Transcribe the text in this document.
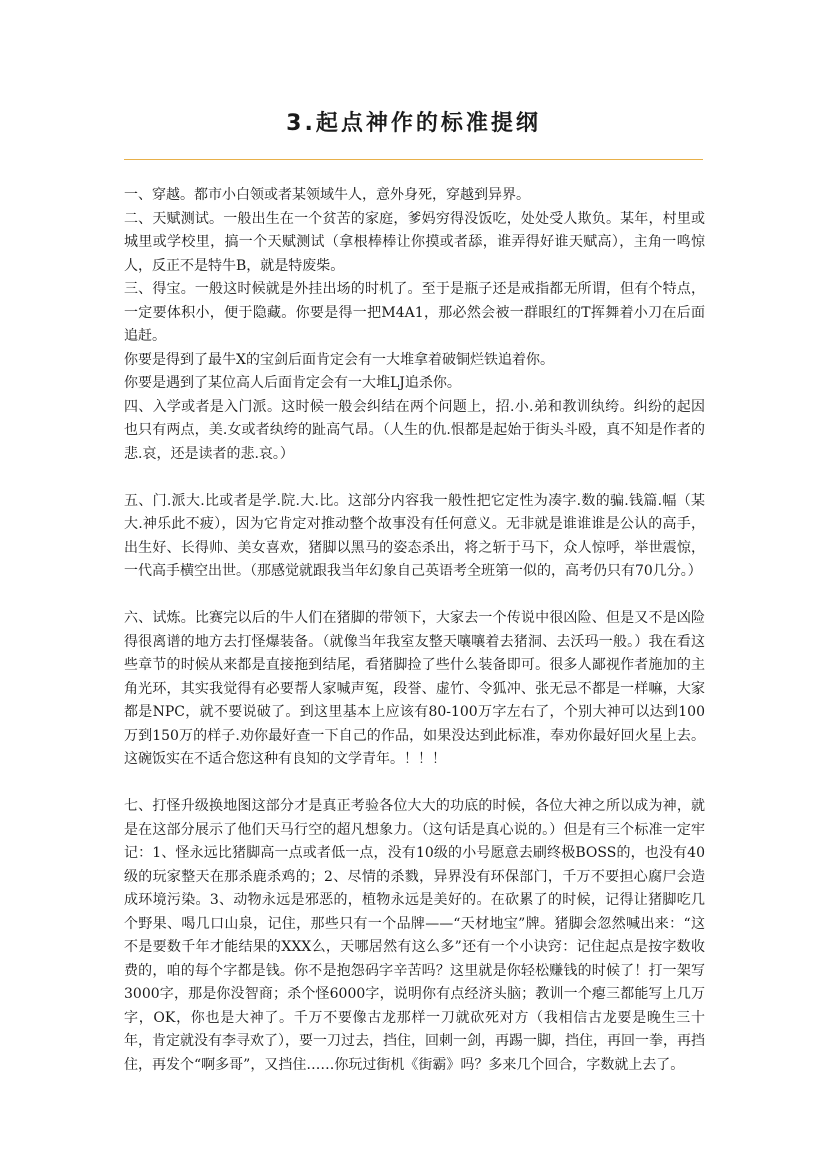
3.起点神作的标准提纲

一、穿越。都市小白领或者某领域牛人，意外身死，穿越到异界。

二、天赋测试。一般出生在一个贫苦的家庭，爹妈穷得没饭吃，处处受人欺负。某年，村里或城里或学校里，搞一个天赋测试（拿根棒棒让你摸或者舔，谁弄得好谁天赋高），主角一鸣惊人，反正不是特牛B，就是特废柴。

三、得宝。一般这时候就是外挂出场的时机了。至于是瓶子还是戒指都无所谓，但有个特点，一定要体积小，便于隐藏。你要是得一把M4A1，那必然会被一群眼红的T挥舞着小刀在后面追赶。

你要是得到了最牛X的宝剑后面肯定会有一大堆拿着破铜烂铁追着你。

你要是遇到了某位高人后面肯定会有一大堆LJ追杀你。

四、入学或者是入门派。这时候一般会纠结在两个问题上，招.小.弟和教训纨绔。纠纷的起因也只有两点，美.女或者纨绔的趾高气昂。（人生的仇.恨都是起始于街头斗殴，真不知是作者的悲.哀，还是读者的悲.哀。）

五、门.派大.比或者是学.院.大.比。这部分内容我一般性把它定性为凑字.数的骗.钱篇.幅（某大.神乐此不疲），因为它肯定对推动整个故事没有任何意义。无非就是谁谁谁是公认的高手，出生好、长得帅、美女喜欢，猪脚以黑马的姿态杀出，将之斩于马下，众人惊呼，举世震惊，一代高手横空出世。（那感觉就跟我当年幻象自己英语考全班第一似的，高考仍只有70几分。）

六、试炼。比赛完以后的牛人们在猪脚的带领下，大家去一个传说中很凶险、但是又不是凶险得很离谱的地方去打怪爆装备。（就像当年我室友整天嚷嚷着去猪洞、去沃玛一般。）我在看这些章节的时候从来都是直接拖到结尾，看猪脚捡了些什么装备即可。很多人鄙视作者施加的主角光环，其实我觉得有必要帮人家喊声冤，段誉、虚竹、令狐冲、张无忌不都是一样嘛，大家都是NPC，就不要说破了。到这里基本上应该有80-100万字左右了，个别大神可以达到100万到150万的样子.劝你最好查一下自己的作品，如果没达到此标准，奉劝你最好回火星上去。这碗饭实在不适合您这种有良知的文学青年。！！！

七、打怪升级换地图这部分才是真正考验各位大大的功底的时候，各位大神之所以成为神，就是在这部分展示了他们天马行空的超凡想象力。（这句话是真心说的。）但是有三个标准一定牢记：1、怪永远比猪脚高一点或者低一点，没有10级的小号愿意去刷终极BOSS的，也没有40级的玩家整天在那杀鹿杀鸡的；2、尽情的杀戮，异界没有环保部门，千万不要担心腐尸会造成环境污染。3、动物永远是邪恶的，植物永远是美好的。在砍累了的时候，记得让猪脚吃几个野果、喝几口山泉，记住，那些只有一个品牌——“天材地宝”牌。猪脚会忽然喊出来：“这不是要数千年才能结果的XXX么，天哪居然有这么多”还有一个小诀窍：记住起点是按字数收费的，咱的每个字都是钱。你不是抱怨码字辛苦吗？这里就是你轻松赚钱的时候了！打一架写3000字，那是你没智商；杀个怪6000字，说明你有点经济头脑；教训一个瘪三都能写上几万字，OK，你也是大神了。千万不要像古龙那样一刀就砍死对方（我相信古龙要是晚生三十年，肯定就没有李寻欢了），要一刀过去，挡住，回刺一剑，再踢一脚，挡住，再回一拳，再挡住，再发个“啊多哥”，又挡住……你玩过街机《街霸》吗？多来几个回合，字数就上去了。
